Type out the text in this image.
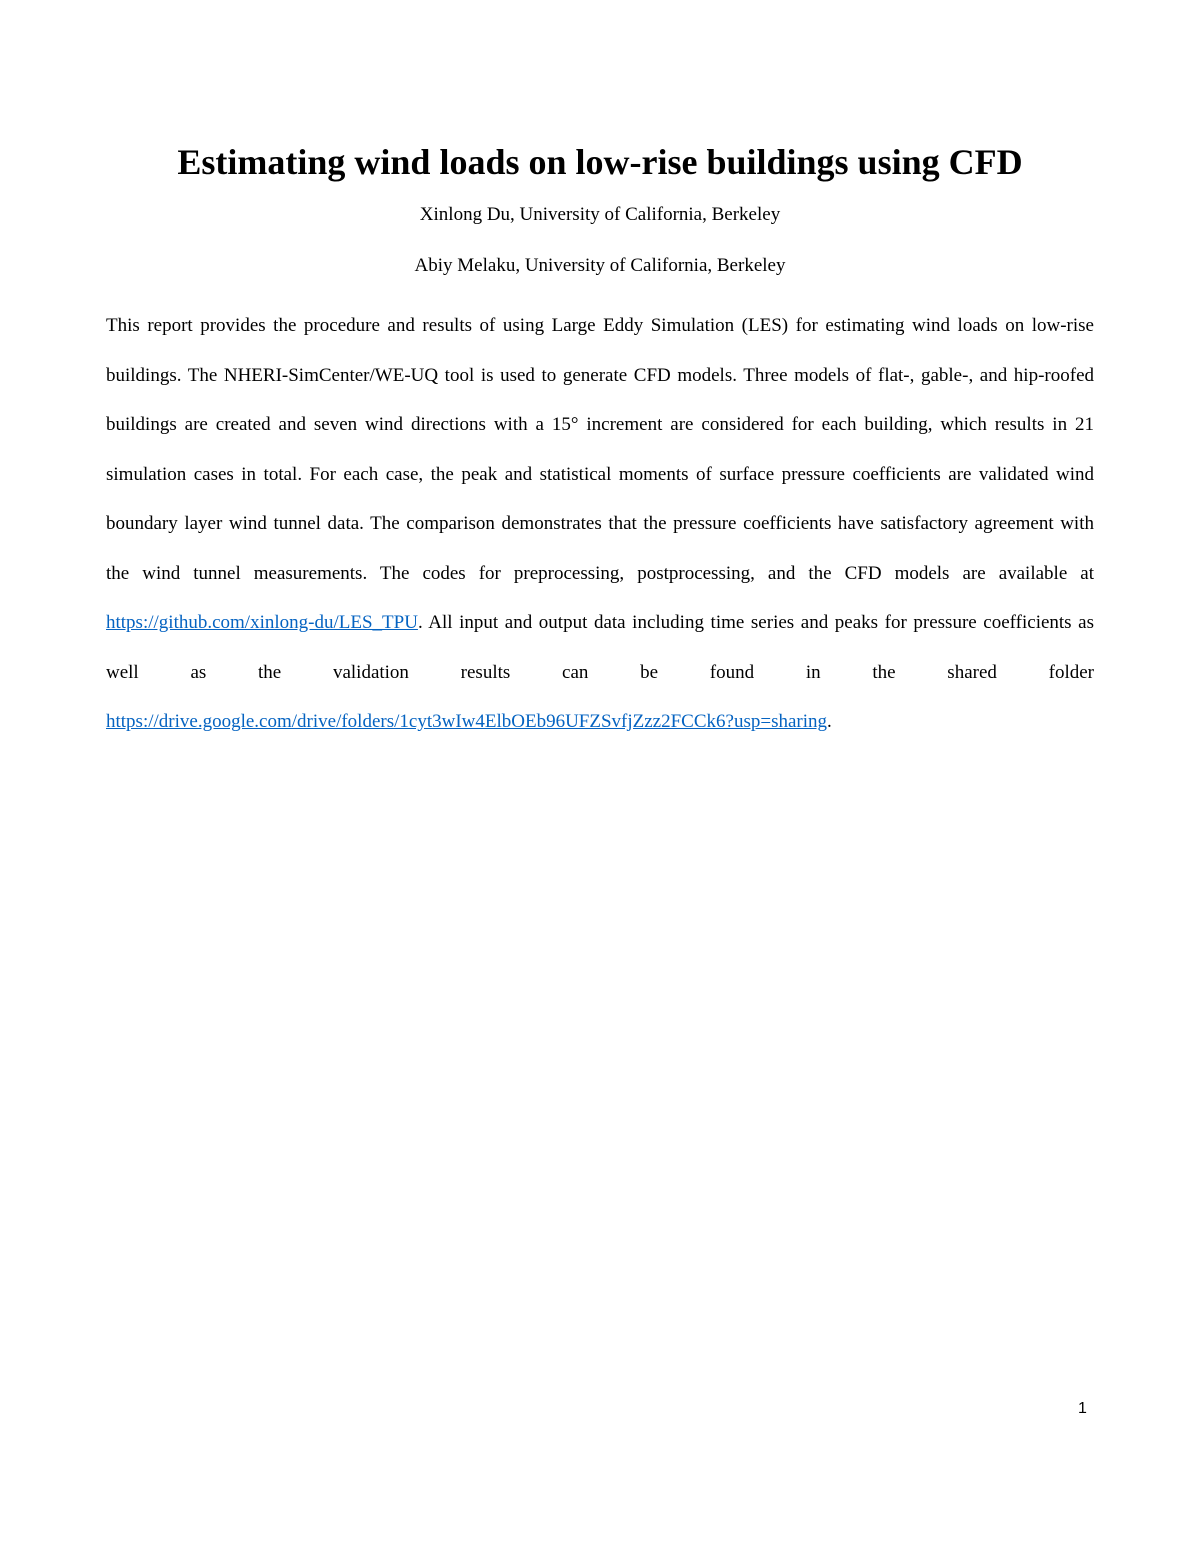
Estimating wind loads on low-rise buildings using CFD

Xinlong Du, University of California, Berkeley

Abiy Melaku, University of California, Berkeley

This report provides the procedure and results of using Large Eddy Simulation (LES) for estimating wind loads on low-rise buildings. The NHERI-SimCenter/WE-UQ tool is used to generate CFD models. Three models of flat-, gable-, and hip-roofed buildings are created and seven wind directions with a 15° increment are considered for each building, which results in 21 simulation cases in total. For each case, the peak and statistical moments of surface pressure coefficients are validated wind boundary layer wind tunnel data. The comparison demonstrates that the pressure coefficients have satisfactory agreement with the wind tunnel measurements. The codes for preprocessing, postprocessing, and the CFD models are available at https://github.com/xinlong-du/LES_TPU. All input and output data including time series and peaks for pressure coefficients as well as the validation results can be found in the shared folder https://drive.google.com/drive/folders/1cyt3wIw4ElbOEb96UFZSvfjZzz2FCCk6?usp=sharing.

1
